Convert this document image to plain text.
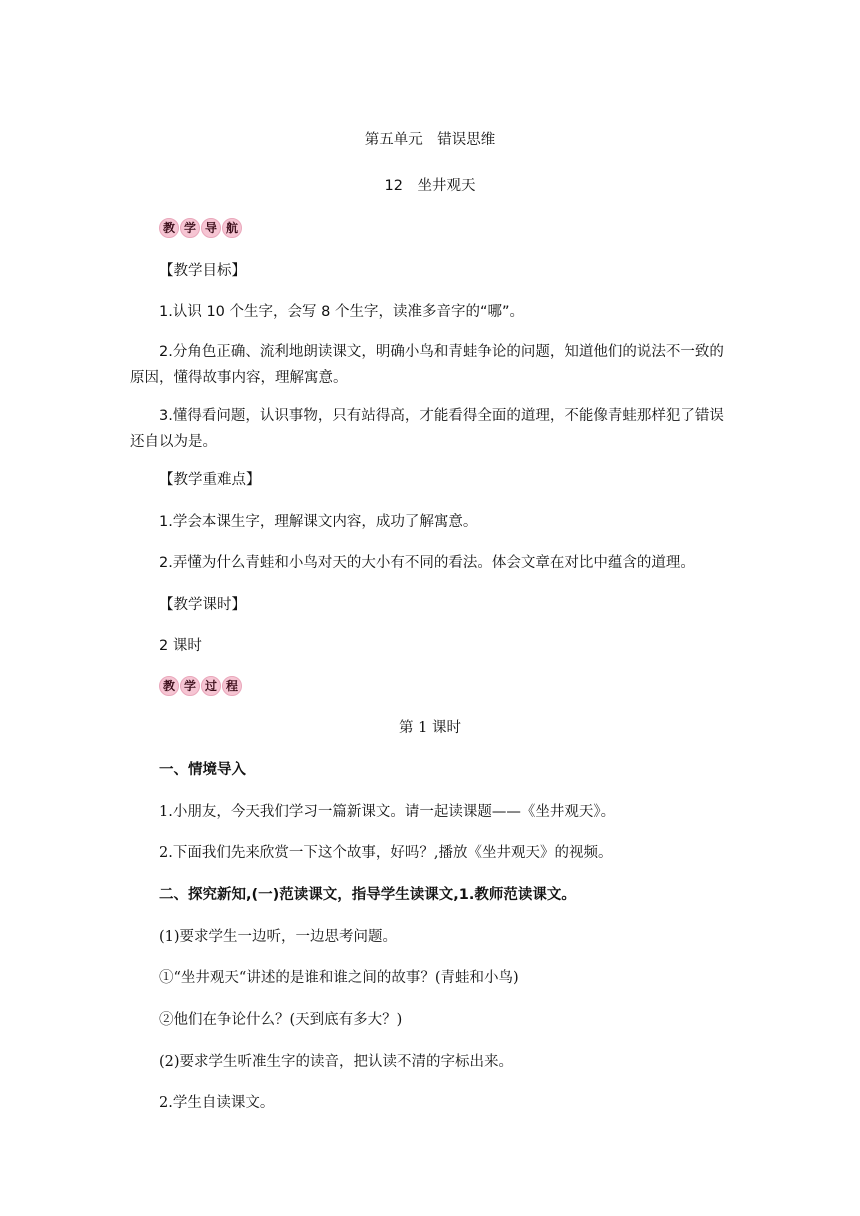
第五单元　错误思维
12　坐井观天
教 学 导 航
【教学目标】
1.认识 10 个生字，会写 8 个生字，读准多音字的“哪”。
2.分角色正确、流利地朗读课文，明确小鸟和青蛙争论的问题，知道他们的说法不一致的原因，懂得故事内容，理解寓意。
3.懂得看问题，认识事物，只有站得高，才能看得全面的道理，不能像青蛙那样犯了错误还自以为是。
【教学重难点】
1.学会本课生字，理解课文内容，成功了解寓意。
2.弄懂为什么青蛙和小鸟对天的大小有不同的看法。体会文章在对比中蕴含的道理。
【教学课时】
2 课时
教 学 过 程
第 1 课时
一、情境导入
1.小朋友，今天我们学习一篇新课文。请一起读课题——《坐井观天》。
2.下面我们先来欣赏一下这个故事，好吗？,播放《坐井观天》的视频。
二、探究新知,(一)范读课文，指导学生读课文,1.教师范读课文。
(1)要求学生一边听，一边思考问题。
①“坐井观天“讲述的是谁和谁之间的故事？(青蛙和小鸟)
②他们在争论什么？(天到底有多大？)
(2)要求学生听准生字的读音，把认读不清的字标出来。
2.学生自读课文。
